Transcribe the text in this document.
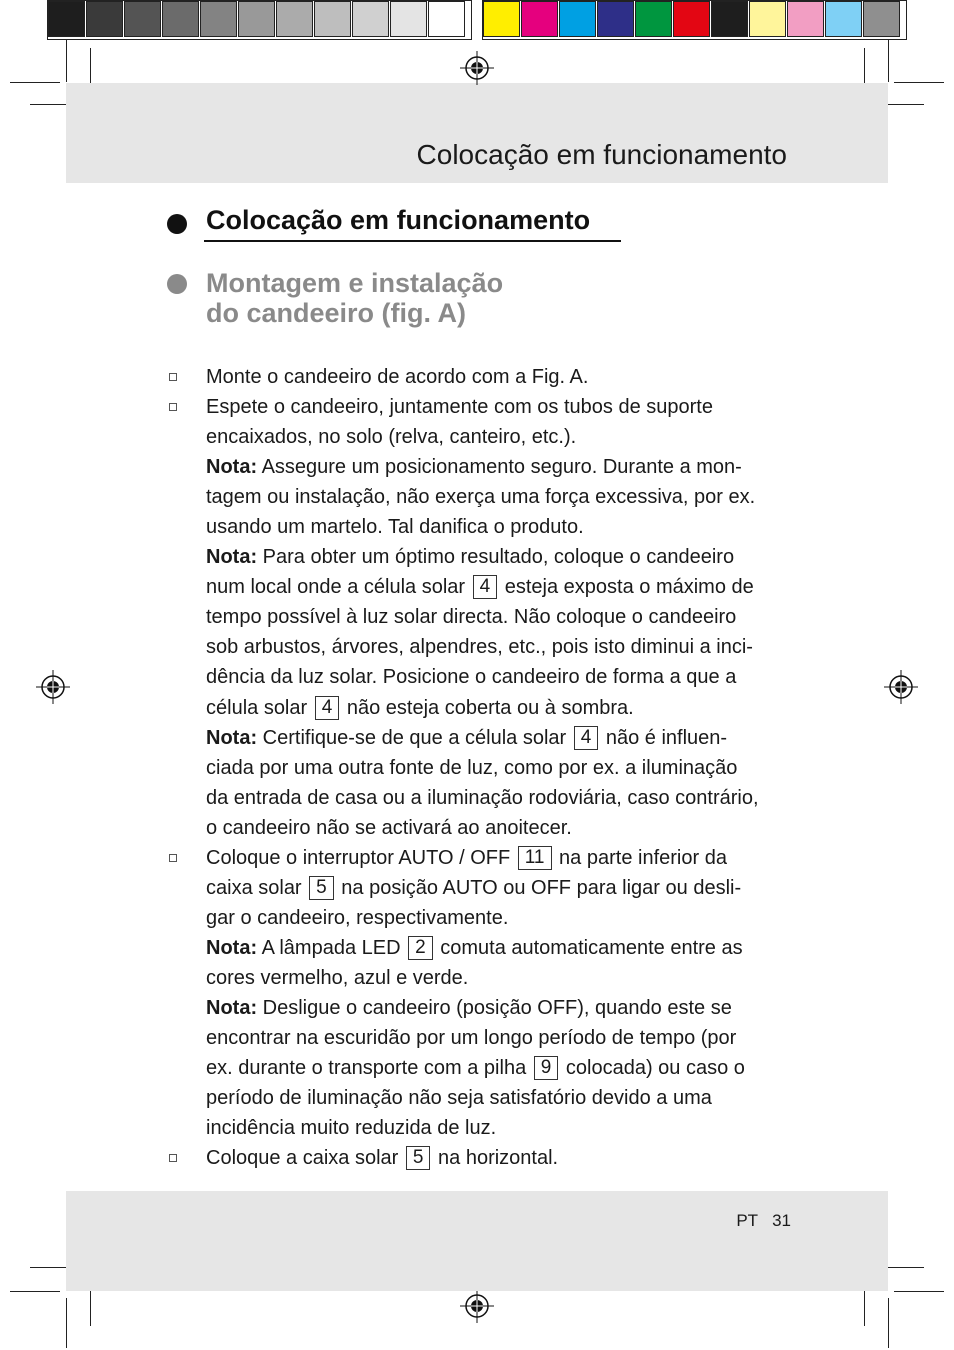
Colocação em funcionamento
Colocação em funcionamento
Montagem e instalação
do candeeiro (fig. A)
Monte o candeeiro de acordo com a Fig. A.
Espete o candeeiro, juntamente com os tubos de suporte
encaixados, no solo (relva, canteiro, etc.).
Nota: Assegure um posicionamento seguro. Durante a mon-
tagem ou instalação, não exerça uma força excessiva, por ex.
usando um martelo. Tal danifica o produto.
Nota: Para obter um óptimo resultado, coloque o candeeiro
num local onde a célula solar 4 esteja exposta o máximo de
tempo possível à luz solar directa. Não coloque o candeeiro
sob arbustos, árvores, alpendres, etc., pois isto diminui a inci-
dência da luz solar. Posicione o candeeiro de forma a que a
célula solar 4 não esteja coberta ou à sombra.
Nota: Certifique-se de que a célula solar 4 não é influen-
ciada por uma outra fonte de luz, como por ex. a iluminação
da entrada de casa ou a iluminação rodoviária, caso contrário,
o candeeiro não se activará ao anoitecer.
Coloque o interruptor AUTO / OFF 11 na parte inferior da
caixa solar 5 na posição AUTO ou OFF para ligar ou desli-
gar o candeeiro, respectivamente.
Nota: A lâmpada LED 2 comuta automaticamente entre as
cores vermelho, azul e verde.
Nota: Desligue o candeeiro (posição OFF), quando este se
encontrar na escuridão por um longo período de tempo (por
ex. durante o transporte com a pilha 9 colocada) ou caso o
período de iluminação não seja satisfatório devido a uma
incidência muito reduzida de luz.
Coloque a caixa solar 5 na horizontal.
PT 31
